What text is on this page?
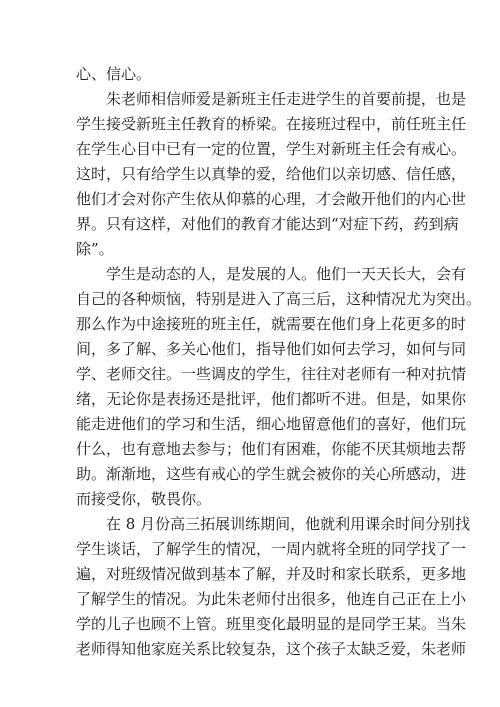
心、信心。
朱老师相信师爱是新班主任走进学生的首要前提，也是
学生接受新班主任教育的桥梁。在接班过程中，前任班主任
在学生心目中已有一定的位置，学生对新班主任会有戒心。
这时，只有给学生以真挚的爱，给他们以亲切感、信任感，
他们才会对你产生依从仰慕的心理，才会敞开他们的内心世
界。只有这样，对他们的教育才能达到“对症下药，药到病
除”。
学生是动态的人，是发展的人。他们一天天长大，会有
自己的各种烦恼，特别是进入了高三后，这种情况尤为突出。
那么作为中途接班的班主任，就需要在他们身上花更多的时
间，多了解、多关心他们，指导他们如何去学习，如何与同
学、老师交往。一些调皮的学生，往往对老师有一种对抗情
绪，无论你是表扬还是批评，他们都听不进。但是，如果你
能走进他们的学习和生活，细心地留意他们的喜好，他们玩
什么，也有意地去参与；他们有困难，你能不厌其烦地去帮
助。渐渐地，这些有戒心的学生就会被你的关心所感动，进
而接受你，敬畏你。
在 8 月份高三拓展训练期间，他就利用课余时间分别找
学生谈话，了解学生的情况，一周内就将全班的同学找了一
遍，对班级情况做到基本了解，并及时和家长联系，更多地
了解学生的情况。为此朱老师付出很多，他连自己正在上小
学的儿子也顾不上管。班里变化最明显的是同学王某。当朱
老师得知他家庭关系比较复杂，这个孩子太缺乏爱，朱老师
